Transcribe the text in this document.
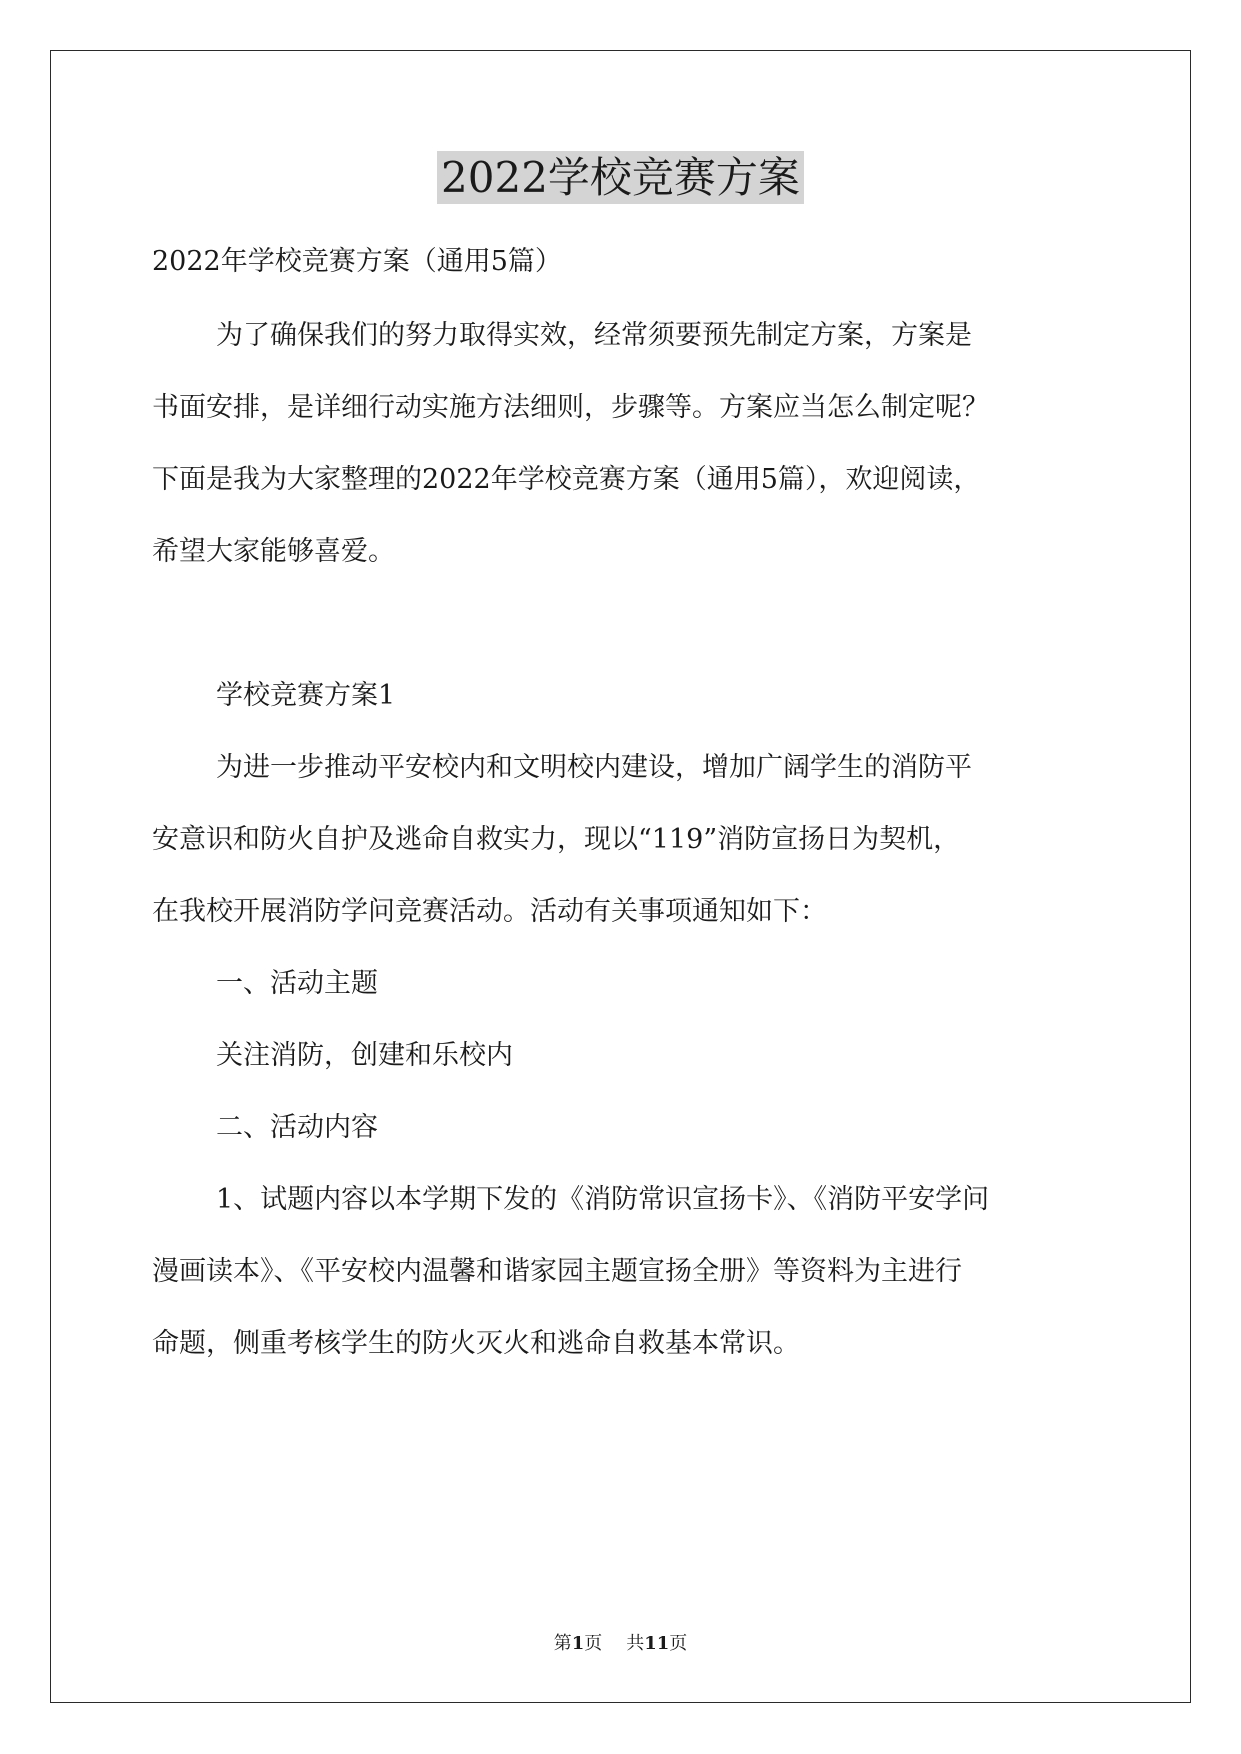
2022学校竞赛方案

2022年学校竞赛方案（通用5篇）

为了确保我们的努力取得实效，经常须要预先制定方案，方案是

书面安排，是详细行动实施方法细则，步骤等。方案应当怎么制定呢？

下面是我为大家整理的2022年学校竞赛方案（通用5篇），欢迎阅读，

希望大家能够喜爱。

学校竞赛方案1

为进一步推动平安校内和文明校内建设，增加广阔学生的消防平

安意识和防火自护及逃命自救实力，现以“119”消防宣扬日为契机，

在我校开展消防学问竞赛活动。活动有关事项通知如下：

一、活动主题

关注消防，创建和乐校内

二、活动内容

1、试题内容以本学期下发的《消防常识宣扬卡》、《消防平安学问

漫画读本》、《平安校内温馨和谐家园主题宣扬全册》等资料为主进行

命题，侧重考核学生的防火灭火和逃命自救基本常识。

第1页 共11页
